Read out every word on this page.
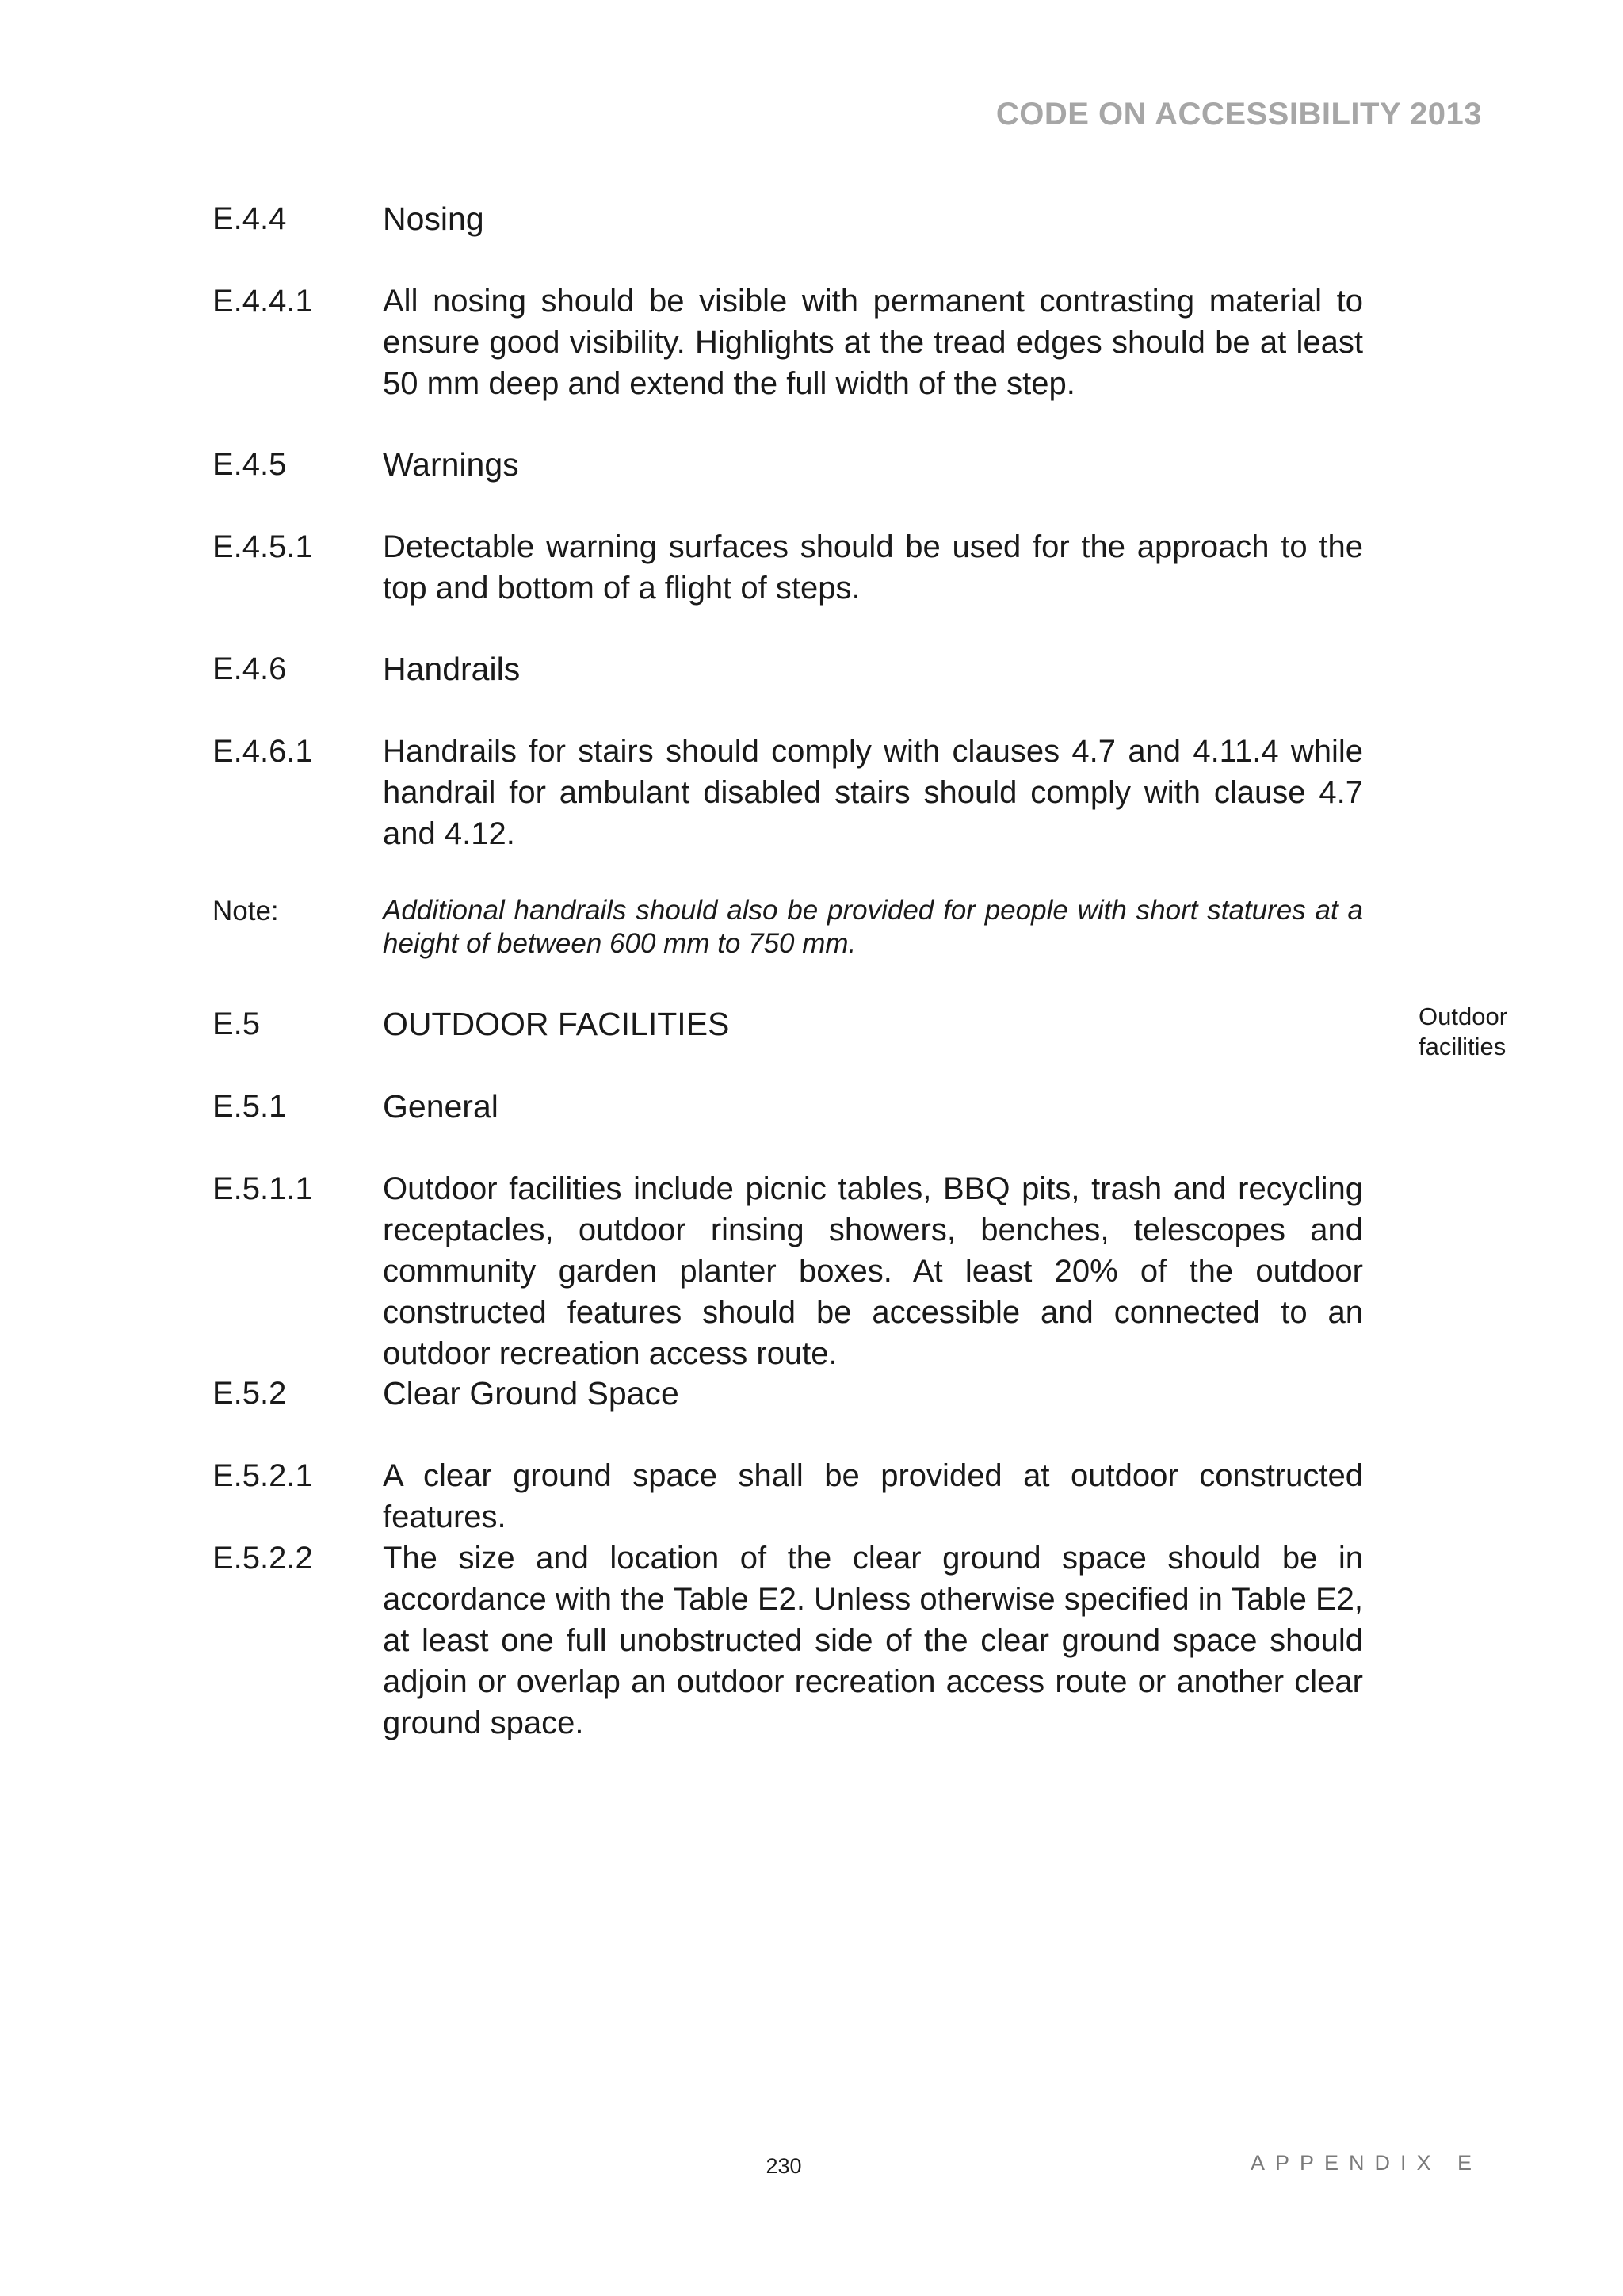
CODE ON ACCESSIBILITY 2013
E.4.4	Nosing
E.4.4.1 All nosing should be visible with permanent contrasting material to ensure good visibility. Highlights at the tread edges should be at least 50 mm deep and extend the full width of the step.
E.4.5	Warnings
E.4.5.1 Detectable warning surfaces should be used for the approach to the top and bottom of a flight of steps.
E.4.6	Handrails
E.4.6.1 Handrails for stairs should comply with clauses 4.7 and 4.11.4 while handrail for ambulant disabled stairs should comply with clause 4.7 and 4.12.
Note:	Additional handrails should also be provided for people with short statures at a height of between 600 mm to 750 mm.
E.5	OUTDOOR FACILITIES	Outdoor
facilities
E.5.1	General
E.5.1.1 Outdoor facilities include picnic tables, BBQ pits, trash and recycling receptacles, outdoor rinsing showers, benches, telescopes and community garden planter boxes. At least 20% of the outdoor constructed features should be accessible and connected to an outdoor recreation access route.
E.5.2	Clear Ground Space
E.5.2.1 A clear ground space shall be provided at outdoor constructed features.
E.5.2.2 The size and location of the clear ground space should be in accordance with the Table E2. Unless otherwise specified in Table E2, at least one full unobstructed side of the clear ground space should adjoin or overlap an outdoor recreation access route or another clear ground space.
230	APPENDIX E
